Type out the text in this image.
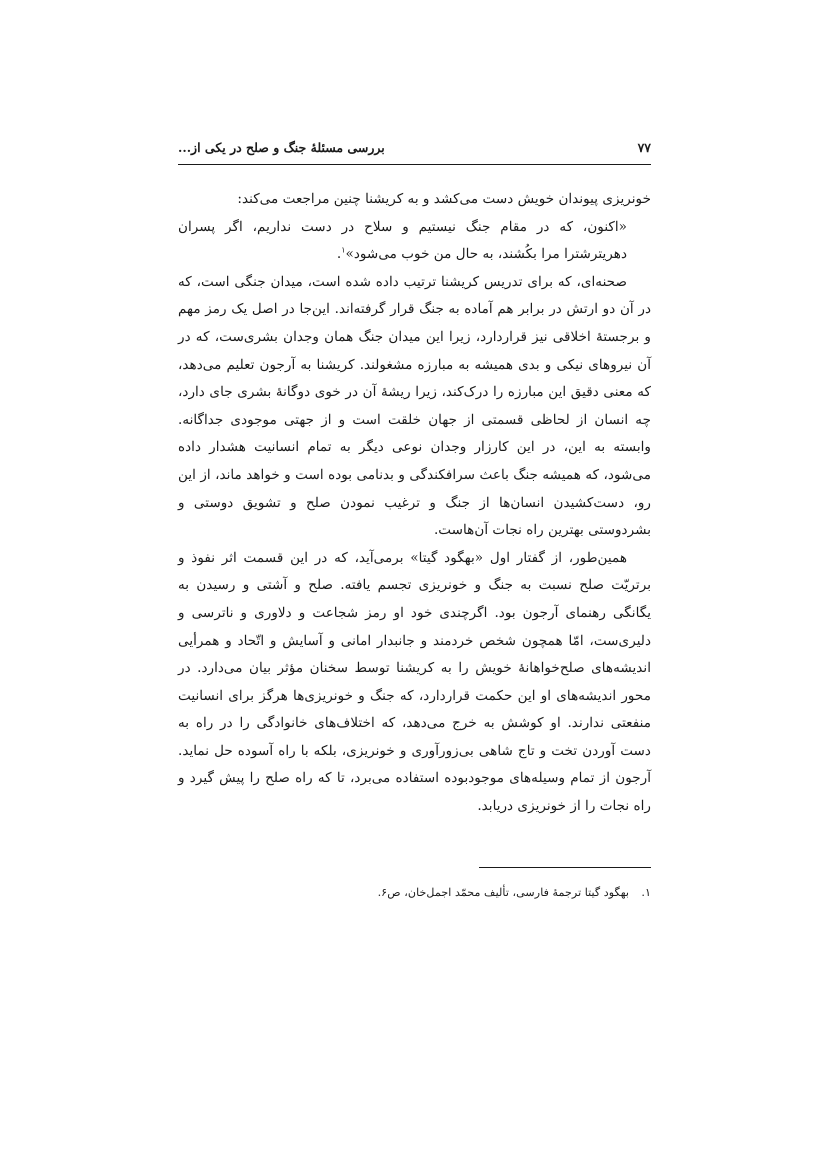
۷۷
بررسی مسئلهٔ جنگ و صلح در یکی از...

خونریزی پیوندان خویش دست می‌کشد و به کریشنا چنین مراجعت می‌کند:

«اکنون، که در مقام جنگ نیستیم و سلاح در دست نداریم، اگر پسران دهریترشترا مرا بکُشند، به حال من خوب می‌شود»$^۱$.

صحنه‌ای، که برای تدریس کریشنا ترتیب داده شده است، میدان جنگی است، که در آن دو ارتش در برابر هم آماده به جنگ قرار گرفته‌اند. این‌جا در اصل یک رمز مهم و برجستهٔ اخلاقی نیز قراردارد، زیرا این میدان جنگ همان وجدان بشری‌ست، که در آن نیروهای نیکی و بدی همیشه به مبارزه مشغولند. کریشنا به آرجون تعلیم می‌دهد، که معنی دقیق این مبارزه را درک‌کند، زیرا ریشهٔ آن در خوی دوگانهٔ بشری جای دارد، چه انسان از لحاظی قسمتی از جهان خلقت است و از جهتی موجودی جداگانه. وابسته به این، در این کارزار وجدان نوعی دیگر به تمام انسانیت هشدار داده می‌شود، که همیشه جنگ باعث سرافکندگی و بدنامی بوده است و خواهد ماند، از این رو، دست‌کشیدن انسان‌ها از جنگ و ترغیب نمودن صلح و تشویق دوستی و بشردوستی بهترین راه نجات آن‌هاست.

همین‌طور، از گفتار اول «بهگود گیتا» برمی‌آید، که در این قسمت اثر نفوذ و برتریّت صلح نسبت به جنگ و خونریزی تجسم یافته. صلح و آشتی و رسیدن به یگانگی رهنمای آرجون بود. اگرچندی خود او رمز شجاعت و دلاوری و ناترسی و دلیری‌ست، امّا همچون شخص خردمند و جانبدار امانی و آسایش و اتّحاد و همرأیی اندیشه‌های صلح‌خواهانهٔ خویش را به کریشنا توسط سخنان مؤثر بیان می‌دارد. در محور اندیشه‌های او این حکمت قراردارد، که جنگ و خونریزی‌ها هرگز برای انسانیت منفعتی ندارند. او کوشش به خرج می‌دهد، که اختلاف‌های خانوادگی را در راه به دست آوردن تخت و تاج شاهی بی‌زورآوری و خونریزی، بلکه با راه آسوده حل نماید. آرجون از تمام وسیله‌های موجودبوده استفاده می‌برد، تا که راه صلح را پیش گیرد و راه نجات را از خونریزی دریابد.

۱.بهگود گیتا ترجمهٔ فارسی، تألیف محمّد اجمل‌خان، ص۶.
